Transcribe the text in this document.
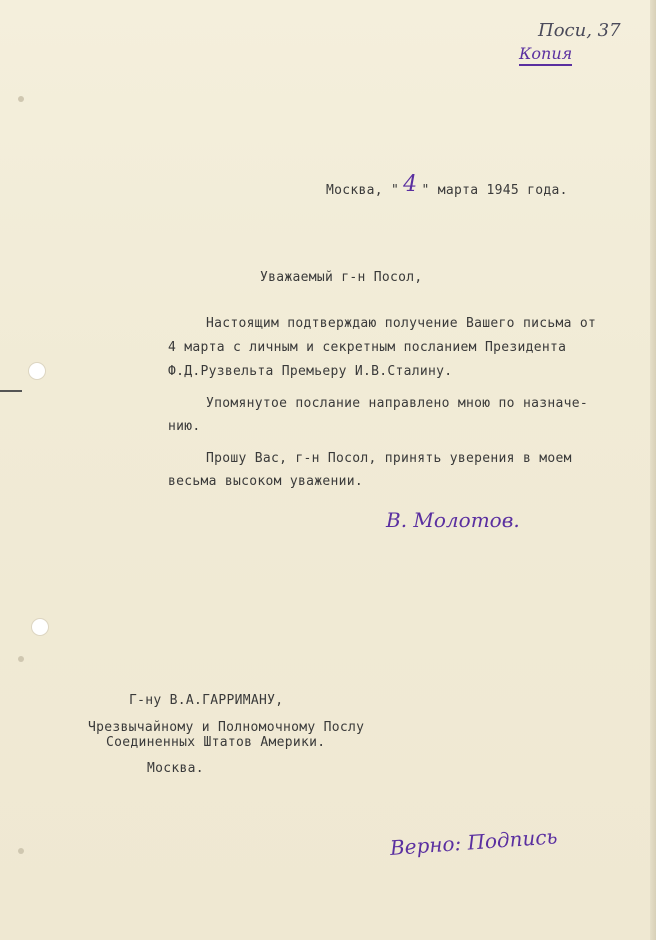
Поси, 37
Копия
Москва, " 4 " марта 1945 года.
Уважаемый г-н Посол,
Настоящим подтверждаю получение Вашего письма от
4 марта с личным и секретным посланием Президента
Ф.Д.Рузвельта Премьеру И.В.Сталину.
Упомянутое послание направлено мною по назначе-
нию.
Прошу Вас, г-н Посол, принять уверения в моем
весьма высоком уважении.
В. Молотов.
Г-ну В.А.ГАРРИМАНУ,
Чрезвычайному и Полномочному Послу
Соединенных Штатов Америки.
Москва.
Верно: Подпись
